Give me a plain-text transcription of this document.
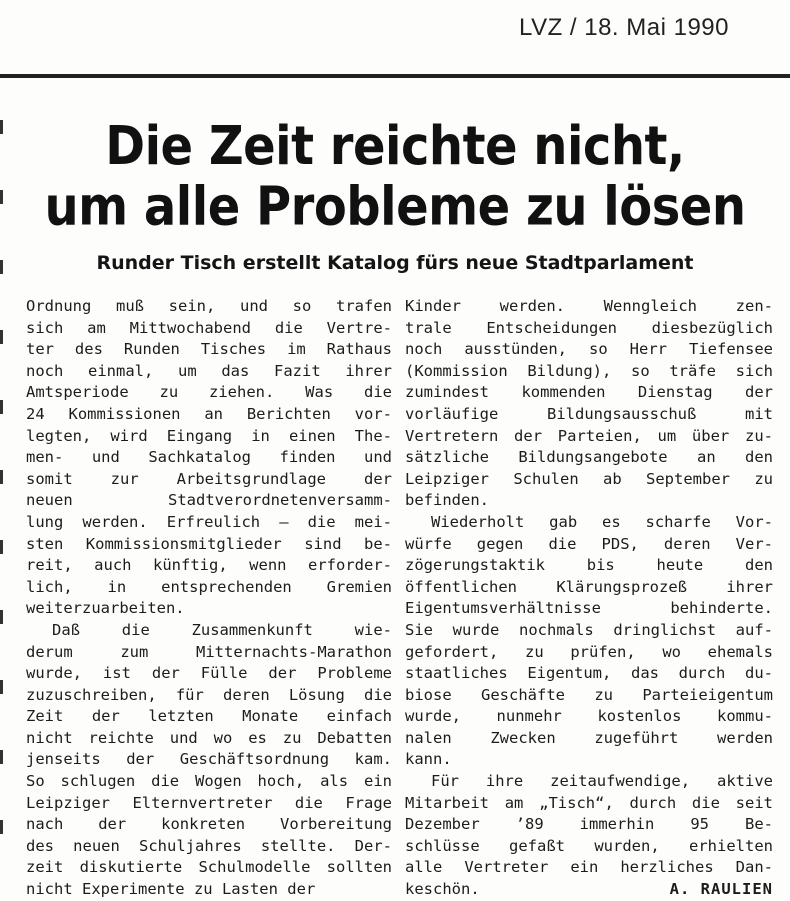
LVZ / 18. Mai 1990
Die Zeit reichte nicht,
um alle Probleme zu lösen
Runder Tisch erstellt Katalog fürs neue Stadtparlament
Ordnung muß sein, und so trafen
sich am Mittwochabend die Vertre-
ter des Runden Tisches im Rathaus
noch einmal, um das Fazit ihrer
Amtsperiode zu ziehen. Was die
24 Kommissionen an Berichten vor-
legten, wird Eingang in einen The-
men- und Sachkatalog finden und
somit zur Arbeitsgrundlage der
neuen Stadtverordnetenversamm-
lung werden. Erfreulich – die mei-
sten Kommissionsmitglieder sind be-
reit, auch künftig, wenn erforder-
lich, in entsprechenden Gremien
weiterzuarbeiten.
Daß die Zusammenkunft wie-
derum zum Mitternachts-Marathon
wurde, ist der Fülle der Probleme
zuzuschreiben, für deren Lösung die
Zeit der letzten Monate einfach
nicht reichte und wo es zu Debatten
jenseits der Geschäftsordnung kam.
So schlugen die Wogen hoch, als ein
Leipziger Elternvertreter die Frage
nach der konkreten Vorbereitung
des neuen Schuljahres stellte. Der-
zeit diskutierte Schulmodelle sollten
nicht Experimente zu Lasten der
Kinder werden. Wenngleich zen-
trale Entscheidungen diesbezüglich
noch ausstünden, so Herr Tiefensee
(Kommission Bildung), so träfe sich
zumindest kommenden Dienstag der
vorläufige Bildungsausschuß mit
Vertretern der Parteien, um über zu-
sätzliche Bildungsangebote an den
Leipziger Schulen ab September zu
befinden.
Wiederholt gab es scharfe Vor-
würfe gegen die PDS, deren Ver-
zögerungstaktik bis heute den
öffentlichen Klärungsprozeß ihrer
Eigentumsverhältnisse behinderte.
Sie wurde nochmals dringlichst auf-
gefordert, zu prüfen, wo ehemals
staatliches Eigentum, das durch du-
biose Geschäfte zu Parteieigentum
wurde, nunmehr kostenlos kommu-
nalen Zwecken zugeführt werden
kann.
Für ihre zeitaufwendige, aktive
Mitarbeit am „Tisch“, durch die seit
Dezember ’89 immerhin 95 Be-
schlüsse gefaßt wurden, erhielten
alle Vertreter ein herzliches Dan-
keschön.	A. RAULIEN
